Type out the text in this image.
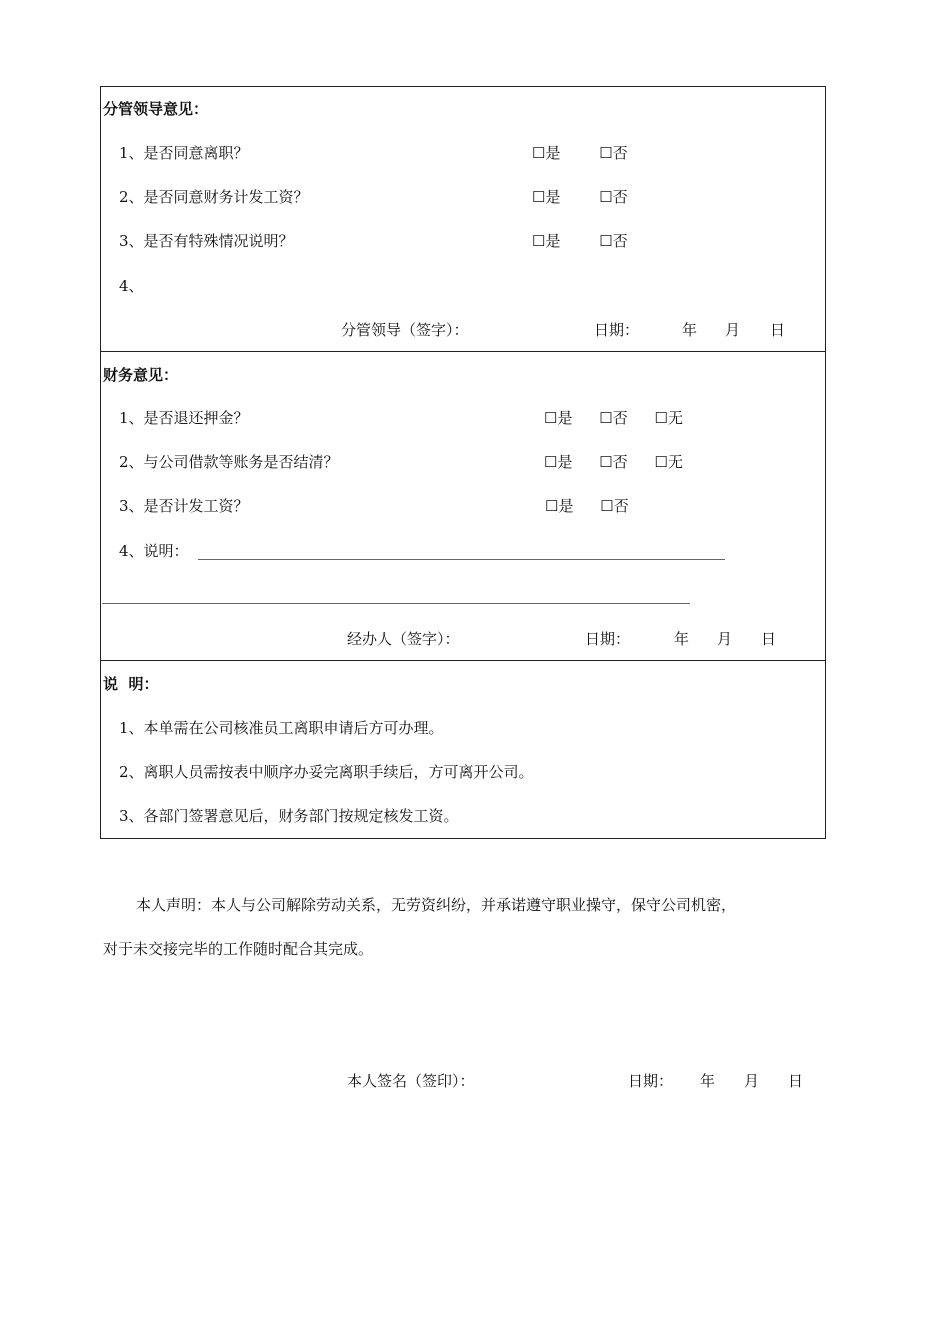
分管领导意见：
1、是否同意离职？	☐是	☐否
2、是否同意财务计发工资？	☐是	☐否
3、是否有特殊情况说明？	☐是	☐否
4、
分管领导（签字）：	日期：	年 月 日
财务意见：
1、是否退还押金？	☐是 ☐否 ☐无
2、与公司借款等账务是否结清？	☐是 ☐否 ☐无
3、是否计发工资？	☐是 ☐否
4、说明：
经办人（签字）：	日期：	年 月 日
说  明：
1、本单需在公司核准员工离职申请后方可办理。
2、离职人员需按表中顺序办妥完离职手续后，方可离开公司。
3、各部门签署意见后，财务部门按规定核发工资。
本人声明：本人与公司解除劳动关系，无劳资纠纷，并承诺遵守职业操守，保守公司机密，
对于未交接完毕的工作随时配合其完成。
本人签名（签印）：	日期： 年 月 日
